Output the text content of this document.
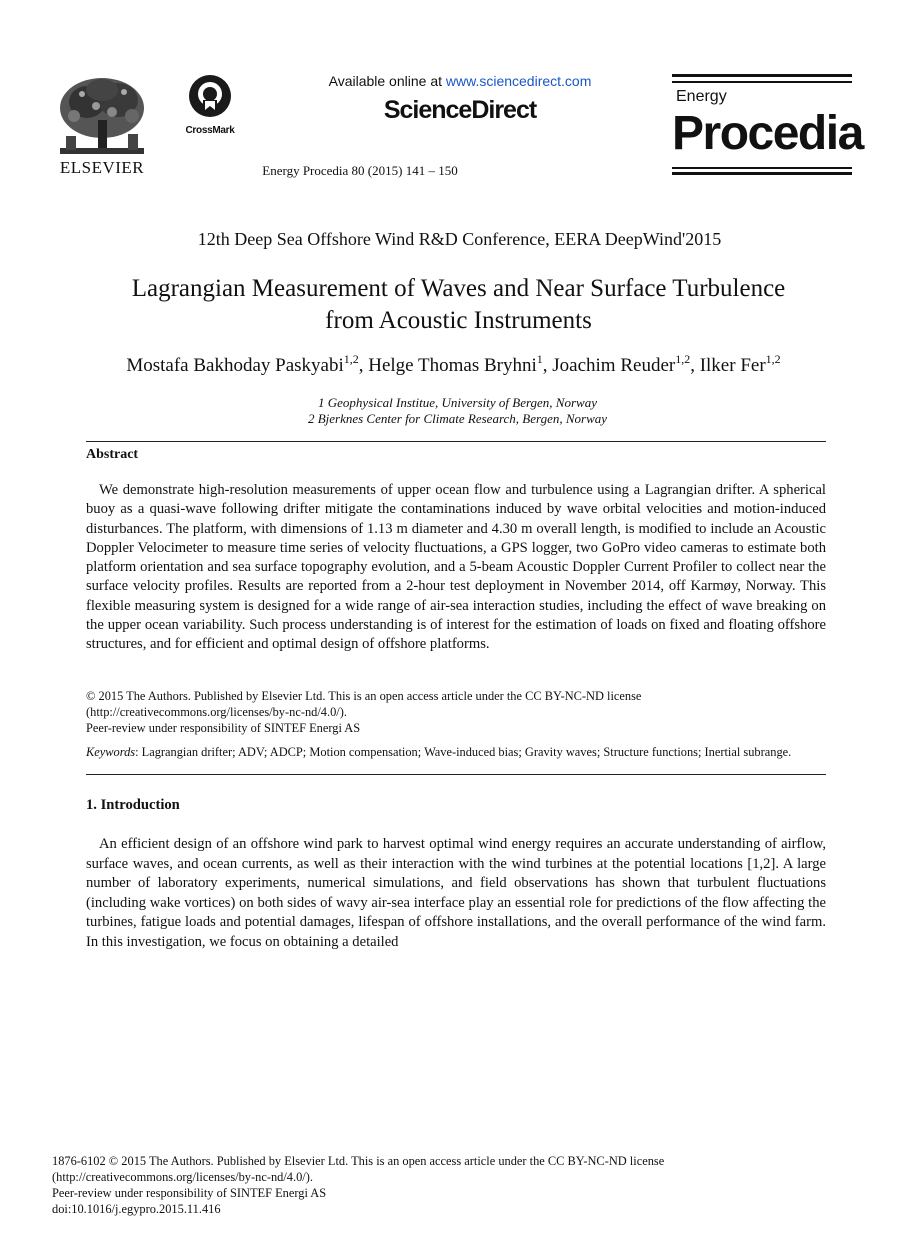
ELSEVIER
CrossMark
Available online at www.sciencedirect.com
ScienceDirect
Energy Procedia 80 (2015) 141 – 150
Energy
Procedia
12th Deep Sea Offshore Wind R&D Conference, EERA DeepWind'2015
Lagrangian Measurement of Waves and Near Surface Turbulence
from Acoustic Instruments
Mostafa Bakhoday Paskyabi$^{1,2}$, Helge Thomas Bryhni$^1$, Joachim Reuder$^{1,2}$, Ilker Fer$^{1,2}$
1 Geophysical Institue, University of Bergen, Norway
2 Bjerknes Center for Climate Research, Bergen, Norway
Abstract
We demonstrate high-resolution measurements of upper ocean flow and turbulence using a Lagrangian drifter. A spherical buoy as a quasi-wave following drifter mitigate the contaminations induced by wave orbital velocities and motion-induced disturbances. The platform, with dimensions of 1.13 m diameter and 4.30 m overall length, is modified to include an Acoustic Doppler Velocimeter to measure time series of velocity fluctuations, a GPS logger, two GoPro video cameras to estimate both platform orientation and sea surface topography evolution, and a 5-beam Acoustic Doppler Current Profiler to collect near the surface velocity profiles. Results are reported from a 2-hour test deployment in November 2014, off Karmøy, Norway. This flexible measuring system is designed for a wide range of air-sea interaction studies, including the effect of wave breaking on the upper ocean variability. Such process understanding is of interest for the estimation of loads on fixed and floating offshore structures, and for efficient and optimal design of offshore platforms.
© 2015 The Authors. Published by Elsevier Ltd. This is an open access article under the CC BY-NC-ND license
(http://creativecommons.org/licenses/by-nc-nd/4.0/).
Peer-review under responsibility of SINTEF Energi AS
Keywords: Lagrangian drifter; ADV; ADCP; Motion compensation; Wave-induced bias; Gravity waves; Structure functions; Inertial subrange.
1. Introduction
An efficient design of an offshore wind park to harvest optimal wind energy requires an accurate understanding of airflow, surface waves, and ocean currents, as well as their interaction with the wind turbines at the potential locations [1,2]. A large number of laboratory experiments, numerical simulations, and field observations has shown that turbulent fluctuations (including wake vortices) on both sides of wavy air-sea interface play an essential role for predictions of the flow affecting the turbines, fatigue loads and potential damages, lifespan of offshore installations, and the overall performance of the wind farm. In this investigation, we focus on obtaining a detailed
1876-6102 © 2015 The Authors. Published by Elsevier Ltd. This is an open access article under the CC BY-NC-ND license
(http://creativecommons.org/licenses/by-nc-nd/4.0/).
Peer-review under responsibility of SINTEF Energi AS
doi:10.1016/j.egypro.2015.11.416
